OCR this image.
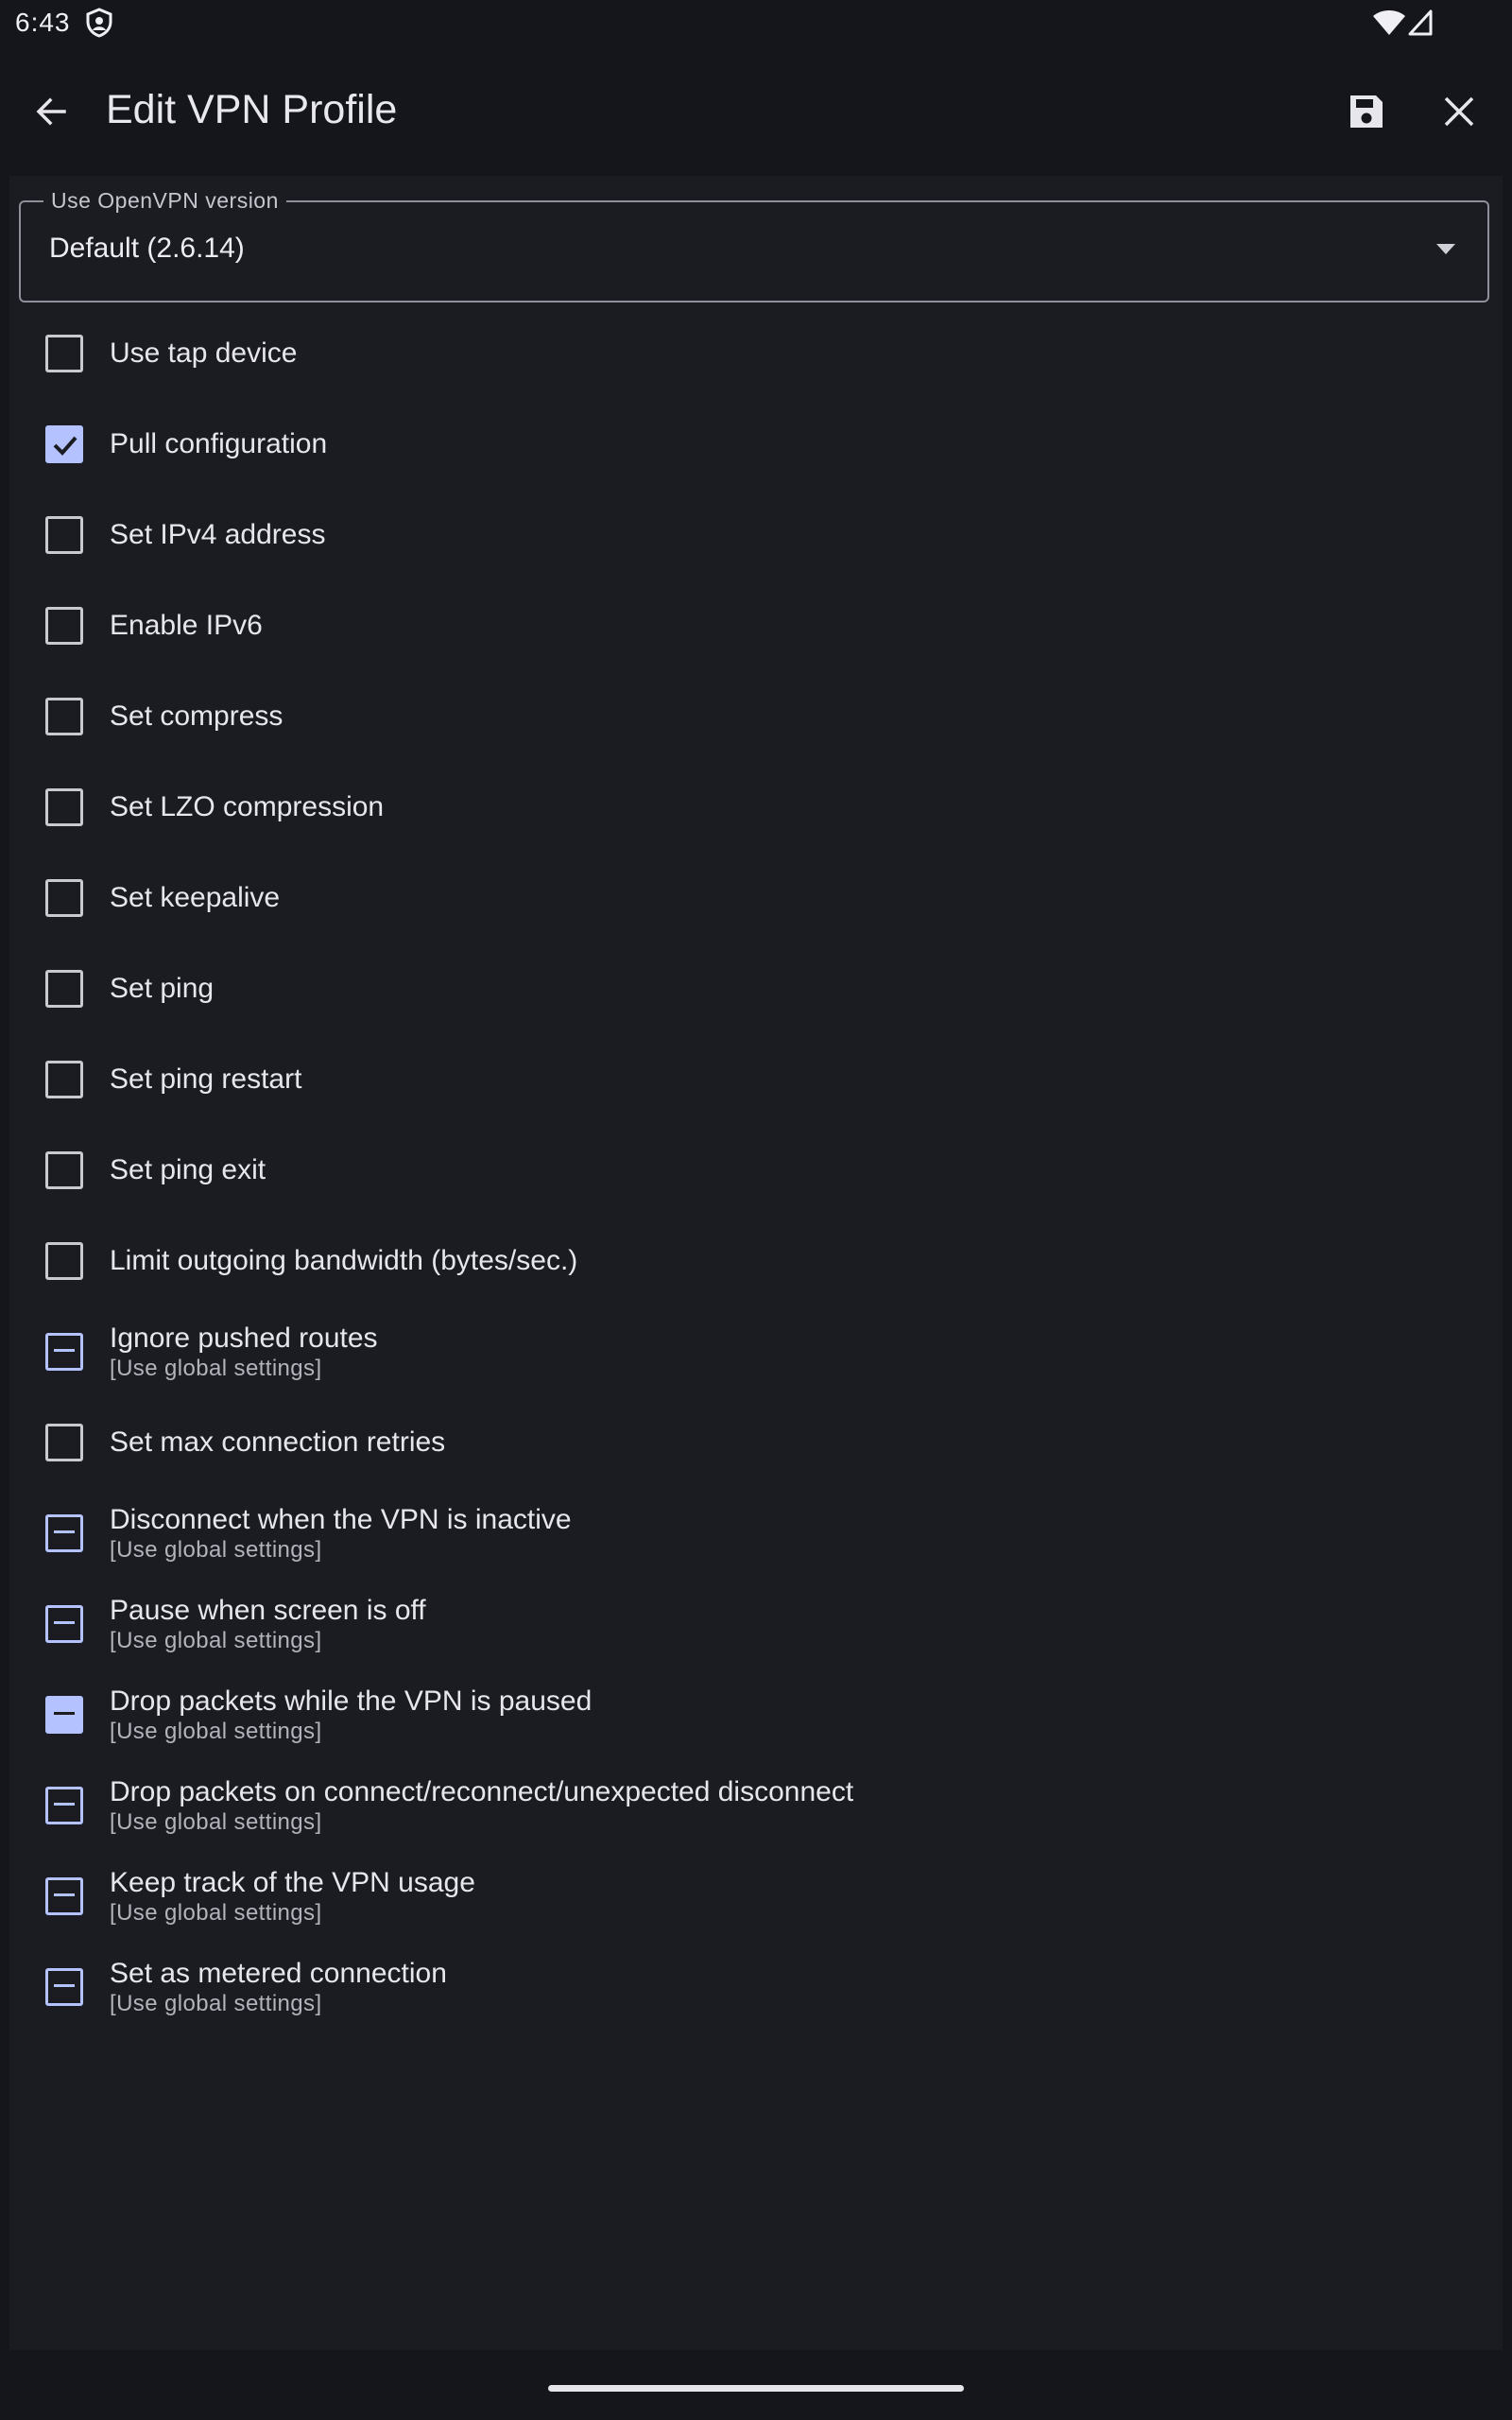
6:43
Edit VPN Profile
Use OpenVPN version
Default (2.6.14)
Use tap device
Pull configuration
Set IPv4 address
Enable IPv6
Set compress
Set LZO compression
Set keepalive
Set ping
Set ping restart
Set ping exit
Limit outgoing bandwidth (bytes/sec.)
Ignore pushed routes
[Use global settings]
Set max connection retries
Disconnect when the VPN is inactive
[Use global settings]
Pause when screen is off
[Use global settings]
Drop packets while the VPN is paused
[Use global settings]
Drop packets on connect/reconnect/unexpected disconnect
[Use global settings]
Keep track of the VPN usage
[Use global settings]
Set as metered connection
[Use global settings]
